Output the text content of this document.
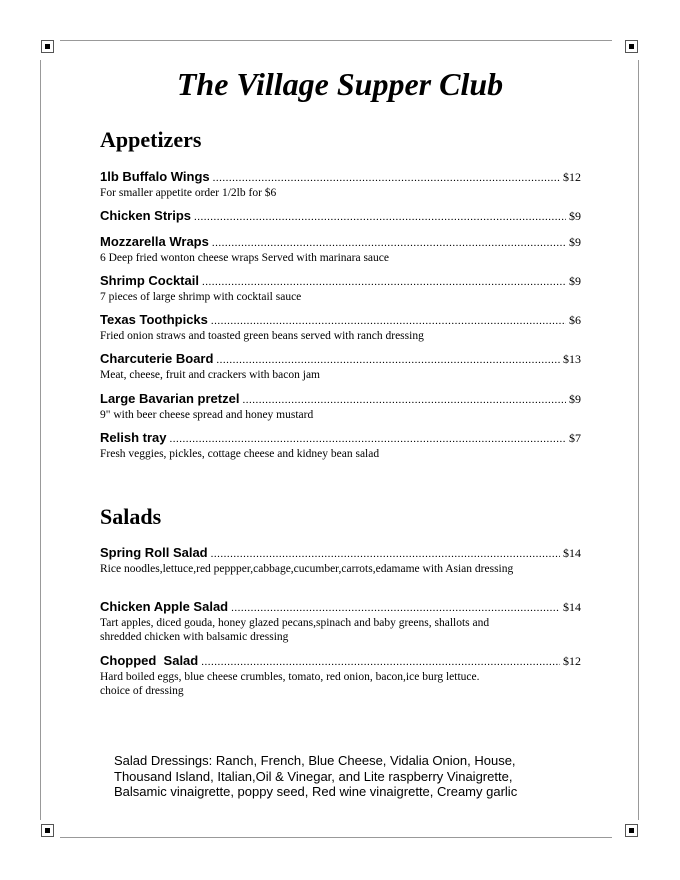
The Village Supper Club
Appetizers
1lb Buffalo Wings .....	$12
For smaller appetite order 1/2lb for $6
Chicken Strips .....	$9
Mozzarella Wraps .....	$9
6 Deep fried wonton cheese wraps Served with marinara sauce
Shrimp Cocktail .....	$9
7 pieces of large shrimp with cocktail sauce
Texas Toothpicks .....	$6
Fried onion straws and toasted green beans served with ranch dressing
Charcuterie Board .....	$13
Meat, cheese, fruit and crackers with bacon jam
Large Bavarian pretzel .....	$9
9" with beer cheese spread and honey mustard
Relish tray .....	$7
Fresh veggies, pickles, cottage cheese and kidney bean salad
Salads
Spring Roll Salad .....	$14
Rice noodles,lettuce,red peppper,cabbage,cucumber,carrots,edamame with Asian dressing
Chicken Apple Salad .....	$14
Tart apples, diced gouda, honey glazed pecans,spinach and baby greens, shallots and shredded chicken with balsamic dressing
Chopped  Salad .....	$12
Hard boiled eggs, blue cheese crumbles, tomato, red onion, bacon,ice burg lettuce. choice of dressing
Salad Dressings: Ranch, French, Blue Cheese, Vidalia Onion, House, Thousand Island, Italian,Oil & Vinegar, and Lite raspberry Vinaigrette, Balsamic vinaigrette, poppy seed, Red wine vinaigrette, Creamy garlic
